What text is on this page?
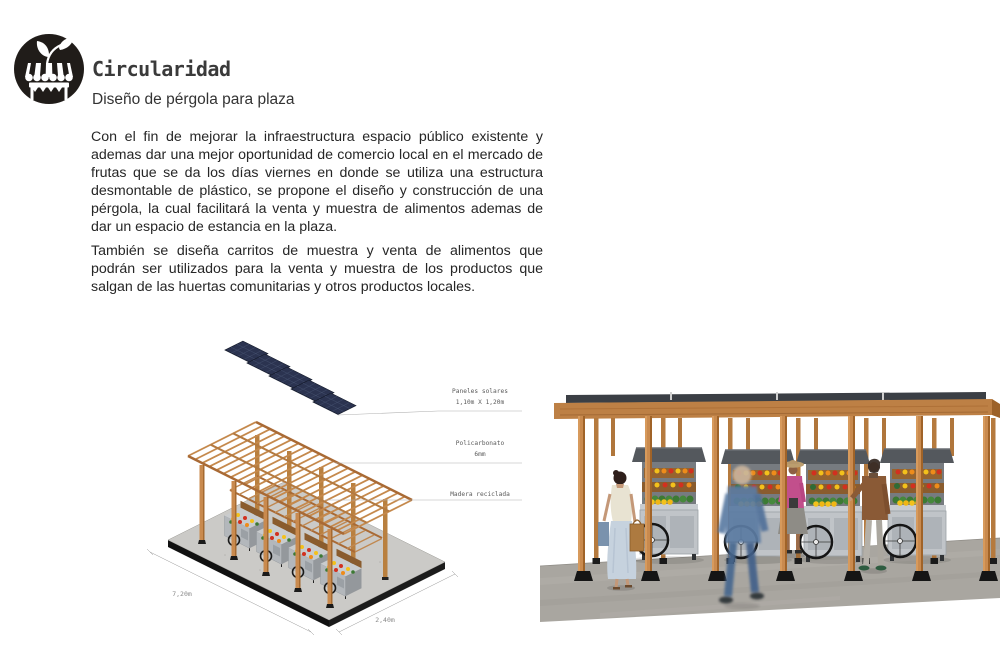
Circularidad
Diseño de pérgola para plaza

Con el fin de mejorar la infraestructura espacio público existente y ademas dar una mejor oportunidad de comercio local en el mercado de frutas que se da los días viernes en donde se utiliza una estructura desmontable de plástico, se propone el diseño y construcción de una pérgola, la cual facilitará la venta y muestra de alimentos ademas de dar un espacio de estancia en la plaza.

También se diseña carritos de muestra y venta de alimentos que podrán ser utilizados para la venta y muestra de los productos que salgan de las huertas comunitarias y otros productos locales.

Paneles solares
1,10m X 1,20m
Policarbonato
6mm
Madera reciclada
7,20m
2,40m
